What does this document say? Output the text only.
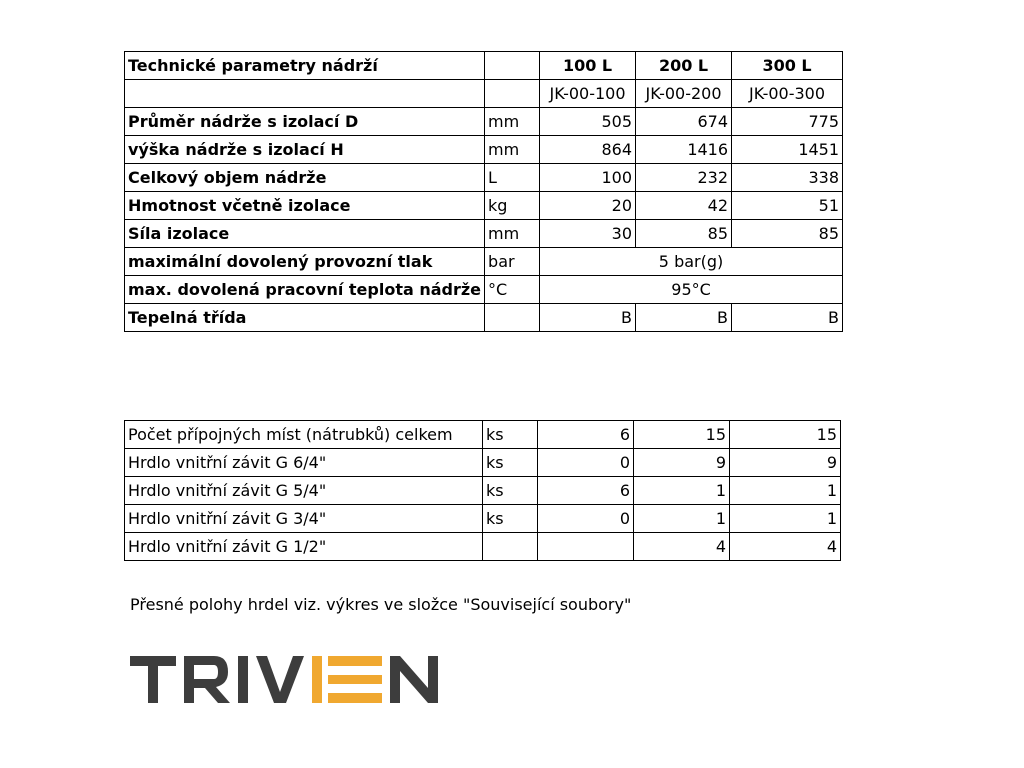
Technické parametry nádrží		100 L	200 L	300 L
		JK-00-100	JK-00-200	JK-00-300
Průměr nádrže s izolací D	mm	505	674	775
výška nádrže s izolací H	mm	864	1416	1451
Celkový objem nádrže	L	100	232	338
Hmotnost včetně izolace	kg	20	42	51
Síla izolace	mm	30	85	85
maximální dovolený provozní tlak	bar	5 bar(g)		
max. dovolená pracovní teplota nádrže	°C	95°C		
Tepelná třída		B	B	B
Počet přípojných míst (nátrubků) celkem	ks	6	15	15
Hrdlo vnitřní závit G 6/4"	ks	0	9	9
Hrdlo vnitřní závit G 5/4"	ks	6	1	1
Hrdlo vnitřní závit G 3/4"	ks	0	1	1
Hrdlo vnitřní závit G 1/2"			4	4
Přesné polohy hrdel viz. výkres ve složce "Související soubory"
